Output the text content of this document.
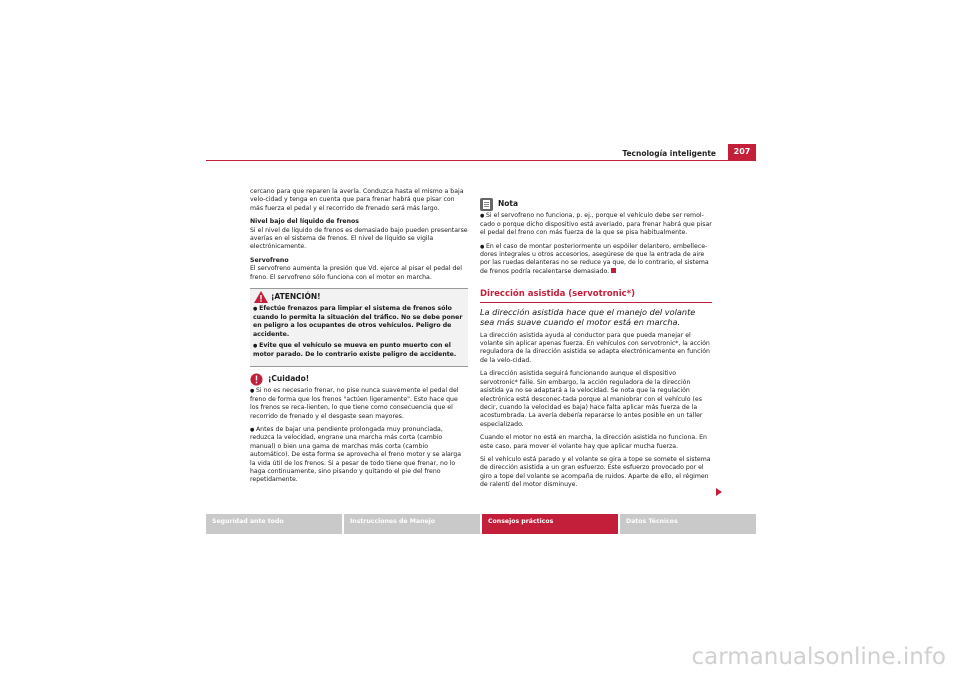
Tecnología inteligente	207

cercano para que reparen la avería. Conduzca hasta el mismo a baja velo-cidad y tenga en cuenta que para frenar habrá que pisar con más fuerza el pedal y el recorrido de frenado será más largo.

Nivel bajo del líquido de frenos

Si el nivel de líquido de frenos es demasiado bajo pueden presentarse averías en el sistema de frenos. El nivel de líquido se vigila electrónicamente.

Servofreno

El servofreno aumenta la presión que Vd. ejerce al pisar el pedal del freno. El servofreno sólo funciona con el motor en marcha.

¡ATENCIÓN!

● Efectúe frenazos para limpiar el sistema de frenos sólo cuando lo permita la situación del tráfico. No se debe poner en peligro a los ocupantes de otros vehículos. Peligro de accidente.

● Evite que el vehículo se mueva en punto muerto con el motor parado. De lo contrario existe peligro de accidente.

¡Cuidado!

● Si no es necesario frenar, no pise nunca suavemente el pedal del freno de forma que los frenos "actúen ligeramente". Esto hace que los frenos se reca-lienten, lo que tiene como consecuencia que el recorrido de frenado y el desgaste sean mayores.

● Antes de bajar una pendiente prolongada muy pronunciada, reduzca la velocidad, engrane una marcha más corta (cambio manual) o bien una gama de marchas más corta (cambio automático). De esta forma se aprovecha el freno motor y se alarga la vida útil de los frenos. Si a pesar de todo tiene que frenar, no lo haga continuamente, sino pisando y quitando el pie del freno repetidamente.

Nota

● Si el servofreno no funciona, p. ej., porque el vehículo debe ser remol-cado o porque dicho dispositivo está averiado, para frenar habrá que pisar el pedal del freno con más fuerza de la que se pisa habitualmente.

● En el caso de montar posteriormente un espóiler delantero, embellece-dores integrales u otros accesorios, asegúrese de que la entrada de aire por las ruedas delanteras no se reduce ya que, de lo contrario, el sistema de frenos podría recalentarse demasiado.

Dirección asistida (servotronic*)

La dirección asistida hace que el manejo del volante sea más suave cuando el motor está en marcha.

La dirección asistida ayuda al conductor para que pueda manejar el volante sin aplicar apenas fuerza. En vehículos con servotronic*, la acción reguladora de la dirección asistida se adapta electrónicamente en función de la velo-cidad.

La dirección asistida seguirá funcionando aunque el dispositivo servotronic* falle. Sin embargo, la acción reguladora de la dirección asistida ya no se adaptará a la velocidad. Se nota que la regulación electrónica está desconec-tada porque al maniobrar con el vehículo (es decir, cuando la velocidad es baja) hace falta aplicar más fuerza de la acostumbrada. La avería debería repararse lo antes posible en un taller especializado.

Cuando el motor no está en marcha, la dirección asistida no funciona. En este caso, para mover el volante hay que aplicar mucha fuerza.

Si el vehículo está parado y el volante se gira a tope se somete el sistema de dirección asistida a un gran esfuerzo. Este esfuerzo provocado por el giro a tope del volante se acompaña de ruidos. Aparte de ello, el régimen de ralentí del motor disminuye.

Seguridad ante todo	Instrucciones de Manejo	Consejos prácticos	Datos Técnicos
carmanualsonline.info
